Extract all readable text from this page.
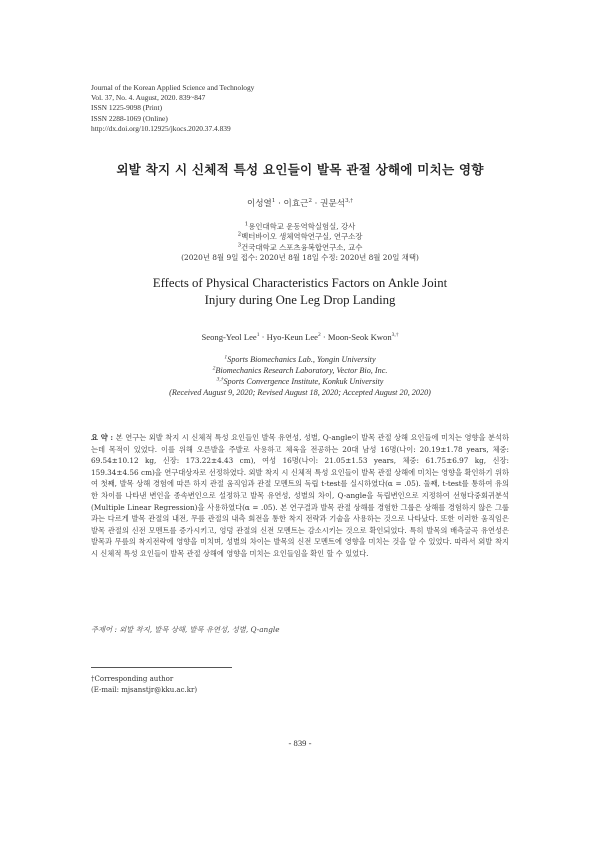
Journal of the Korean Applied Science and Technology
Vol. 37, No. 4. August, 2020. 839~847
ISSN 1225-9098 (Print)
ISSN 2288-1069 (Online)
http://dx.doi.org/10.12925/jkocs.2020.37.4.839
외발 착지 시 신체적 특성 요인들이 발목 관절 상해에 미치는 영향
이성열$^1$ · 이효근$^2$ · 권문석$^{3,\dagger}$
$^1$용인대학교 운동역학실험실, 강사
$^2$벡터바이오 생체역학연구실, 연구소장
$^3$건국대학교 스포츠융복합연구소, 교수
(2020년 8월 9일 접수: 2020년 8월 18일 수정: 2020년 8월 20일 채택)
Effects of Physical Characteristics Factors on Ankle Joint
Injury during One Leg Drop Landing
Seong-Yeol Lee$^1$ · Hyo-Keun Lee$^2$ · Moon-Seok Kwon$^{3,\dagger}$
$^1$Sports Biomechanics Lab., Yongin University
$^2$Biomechanics Research Laboratory, Vector Bio, Inc.
$^{3,\dagger}$Sports Convergence Institute, Konkuk University
(Received August 9, 2020; Revised August 18, 2020; Accepted August 20, 2020)
요 약 : 본 연구는 외발 착지 시 신체적 특성 요인들인 발목 유연성, 성별, Q-angle이 발목 관절 상해 요인들에 미치는 영향을 분석하는데 목적이 있었다. 이를 위해 오른발을 주발로 사용하고 체육을 전공하는 20대 남성 16명(나이: 20.19±1.78 years, 체중: 69.54±10.12 kg, 신장: 173.22±4.43 cm), 여성 16명(나이: 21.05±1.53 years, 체중: 61.75±6.97 kg, 신장: 159.34±4.56 cm)을 연구대상자로 선정하였다. 외발 착지 시 신체적 특성 요인들이 발목 관절 상해에 미치는 영향을 확인하기 위하여 첫째, 발목 상해 경험에 따른 하지 관절 움직임과 관절 모멘트의 독립 t-test를 실시하였다(α = .05). 둘째, t-test를 통하여 유의한 차이를 나타낸 변인을 종속변인으로 설정하고 발목 유연성, 성별의 차이, Q-angle을 독립변인으로 지정하여 선형다중회귀분석(Multiple Linear Regression)을 사용하였다(α = .05). 본 연구결과 발목 관절 상해를 경험한 그룹은 상해를 경험하지 않은 그룹과는 다르게 발목 관절의 내전, 무릎 관절의 내측 회전을 통한 착지 전략과 기술을 사용하는 것으로 나타났다. 또한 이러한 움직임은 발목 관절의 신전 모멘트를 증가시키고, 엉덩 관절의 신전 모멘트는 감소시키는 것으로 확인되었다. 특히 발목의 배측굴곡 유연성은 발목과 무릎의 착지전략에 영향을 미치며, 성별의 차이는 발목의 신전 모멘트에 영향을 미치는 것을 알 수 있었다. 따라서 외발 착지 시 신체적 특성 요인들이 발목 관절 상해에 영향을 미치는 요인들임을 확인 할 수 있었다.
주제어 : 외발 착지, 발목 상해, 발목 유연성, 성별, Q-angle
†Corresponding author
(E-mail: mjsanstjr@kku.ac.kr)
- 839 -
